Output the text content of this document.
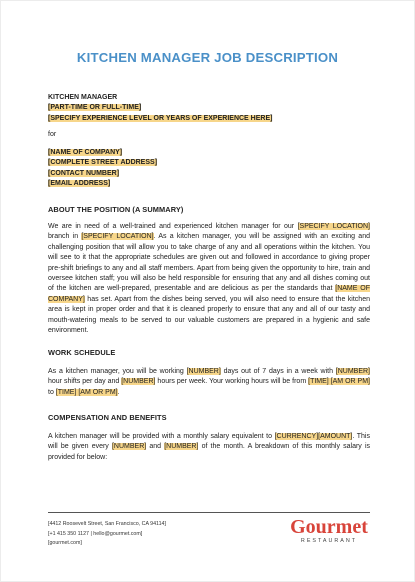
KITCHEN MANAGER JOB DESCRIPTION
KITCHEN MANAGER
[PART-TIME OR FULL-TIME]
[SPECIFY EXPERIENCE LEVEL OR YEARS OF EXPERIENCE HERE]
for
[NAME OF COMPANY]
[COMPLETE STREET ADDRESS]
[CONTACT NUMBER]
[EMAIL ADDRESS]
ABOUT THE POSITION (A SUMMARY)
We are in need of a well-trained and experienced kitchen manager for our [SPECIFY LOCATION] branch in [SPECIFY LOCATION]. As a kitchen manager, you will be assigned with an exciting and challenging position that will allow you to take charge of any and all operations within the kitchen. You will see to it that the appropriate schedules are given out and followed in accordance to giving proper pre-shift briefings to any and all staff members. Apart from being given the opportunity to hire, train and oversee kitchen staff; you will also be held responsible for ensuring that any and all dishes coming out of the kitchen are well-prepared, presentable and are delicious as per the standards that [NAME OF COMPANY] has set. Apart from the dishes being served, you will also need to ensure that the kitchen area is kept in proper order and that it is cleaned properly to ensure that any and all of our tasty and mouth-watering meals to be served to our valuable customers are prepared in a hygienic and safe environment.
WORK SCHEDULE
As a kitchen manager, you will be working [NUMBER] days out of 7 days in a week with [NUMBER] hour shifts per day and [NUMBER] hours per week. Your working hours will be from [TIME] [AM OR PM] to [TIME] [AM OR PM].
COMPENSATION AND BENEFITS
A kitchen manager will be provided with a monthly salary equivalent to [CURRENCY][AMOUNT]. This will be given every [NUMBER] and [NUMBER] of the month. A breakdown of this monthly salary is provided for below:
[4412 Roosevelt Street, San Francisco, CA 94114]
[+1 415 350 1127 | hello@gourmet.com]
[gourmet.com]
Gourmet
RESTAURANT
